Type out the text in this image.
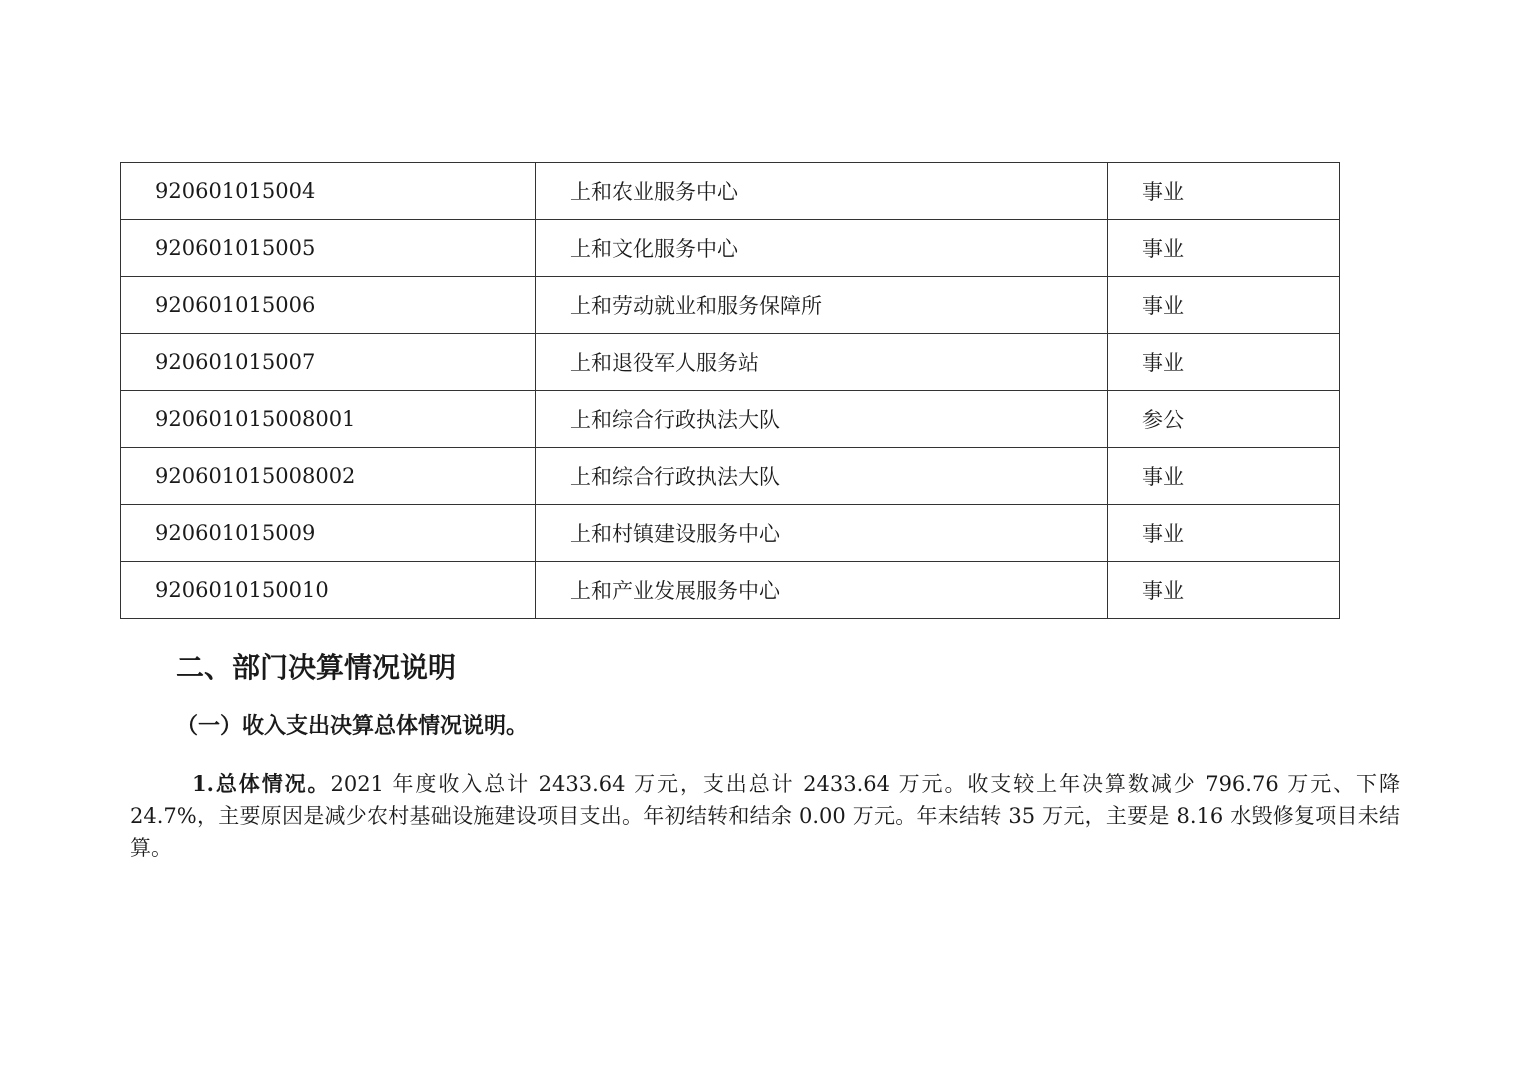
920601015004	上和农业服务中心	事业
920601015005	上和文化服务中心	事业
920601015006	上和劳动就业和服务保障所	事业
920601015007	上和退役军人服务站	事业
920601015008001	上和综合行政执法大队	参公
920601015008002	上和综合行政执法大队	事业
920601015009	上和村镇建设服务中心	事业
9206010150010	上和产业发展服务中心	事业
二、部门决算情况说明
（一）收入支出决算总体情况说明。

1.总体情况。2021 年度收入总计 2433.64 万元，支出总计 2433.64 万元。收支较上年决算数减少 796.76 万元、下降 24.7%，主要原因是减少农村基础设施建设项目支出。年初结转和结余 0.00 万元。年末结转 35 万元，主要是 8.16 水毁修复项目未结算。
